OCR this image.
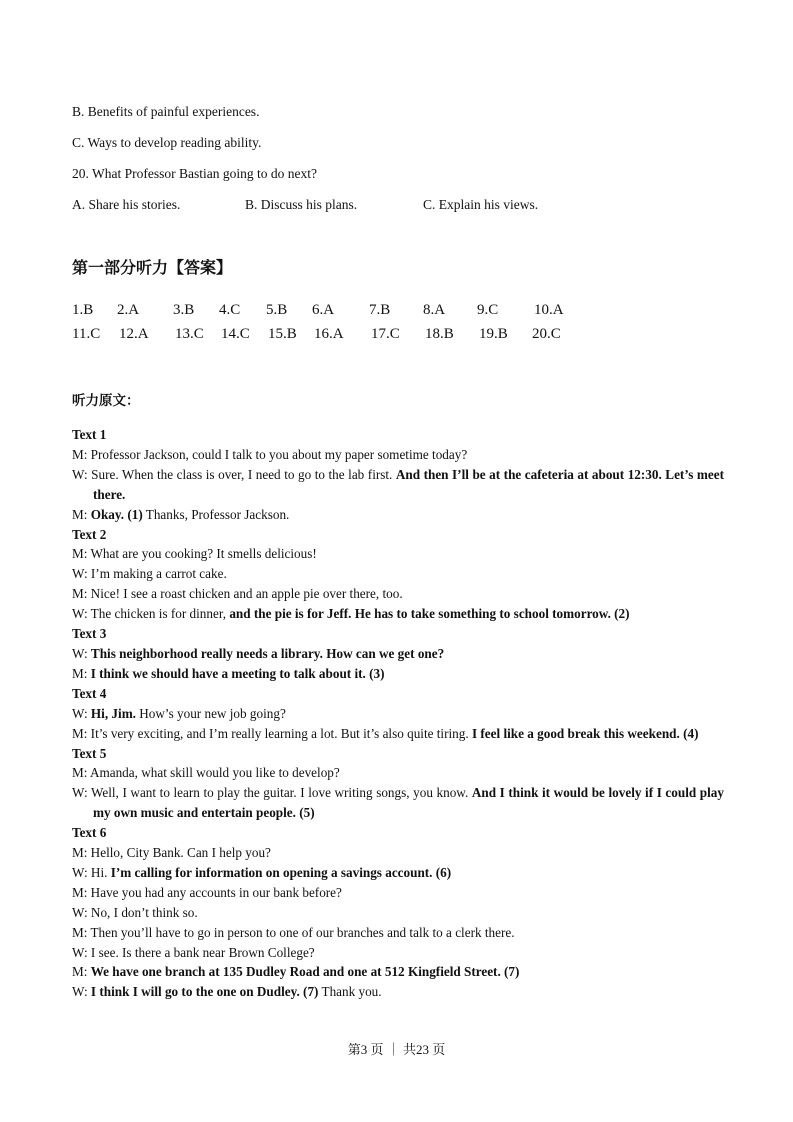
B. Benefits of painful experiences.
C. Ways to develop reading ability.
20. What Professor Bastian going to do next?
A. Share his stories.	B. Discuss his plans.	C. Explain his views.
第一部分听力【答案】
1.B 2.A 3.B 4.C 5.B 6.A 7.B 8.A 9.C 10.A
11.C 12.A 13.C 14.C 15.B 16.A 17.C 18.B 19.B 20.C
听力原文：
Text 1
M: Professor Jackson, could I talk to you about my paper sometime today?
W: Sure. When the class is over, I need to go to the lab first. And then I’ll be at the cafeteria at about 12:30. Let’s meet there.
M: Okay. (1) Thanks, Professor Jackson.
Text 2
M: What are you cooking? It smells delicious!
W: I’m making a carrot cake.
M: Nice! I see a roast chicken and an apple pie over there, too.
W: The chicken is for dinner, and the pie is for Jeff. He has to take something to school tomorrow. (2)
Text 3
W: This neighborhood really needs a library. How can we get one?
M: I think we should have a meeting to talk about it. (3)
Text 4
W: Hi, Jim. How’s your new job going?
M: It’s very exciting, and I’m really learning a lot. But it’s also quite tiring. I feel like a good break this weekend. (4)
Text 5
M: Amanda, what skill would you like to develop?
W: Well, I want to learn to play the guitar. I love writing songs, you know. And I think it would be lovely if I could play my own music and entertain people. (5)
Text 6
M: Hello, City Bank. Can I help you?
W: Hi. I’m calling for information on opening a savings account. (6)
M: Have you had any accounts in our bank before?
W: No, I don’t think so.
M: Then you’ll have to go in person to one of our branches and talk to a clerk there.
W: I see. Is there a bank near Brown College?
M: We have one branch at 135 Dudley Road and one at 512 Kingfield Street. (7)
W: I think I will go to the one on Dudley. (7) Thank you.
第3 页 ｜ 共23 页
